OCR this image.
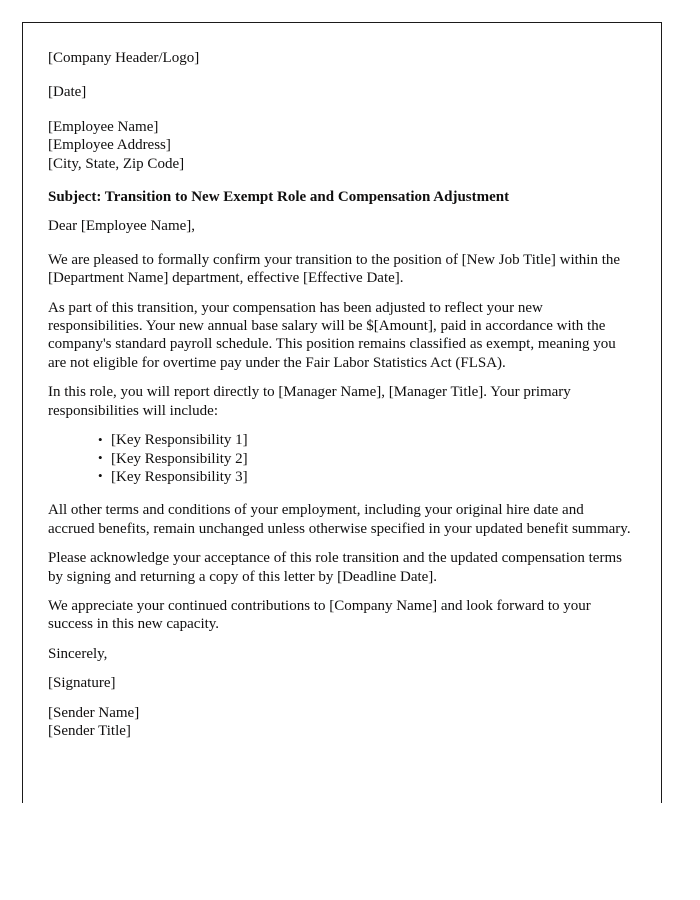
[Company Header/Logo]

[Date]

[Employee Name]

[Employee Address]

[City, State, Zip Code]

Subject: Transition to New Exempt Role and Compensation Adjustment

Dear [Employee Name],

We are pleased to formally confirm your transition to the position of [New Job Title] within the [Department Name] department, effective [Effective Date].

As part of this transition, your compensation has been adjusted to reflect your new responsibilities. Your new annual base salary will be $[Amount], paid in accordance with the company's standard payroll schedule. This position remains classified as exempt, meaning you are not eligible for overtime pay under the Fair Labor Statistics Act (FLSA).

In this role, you will report directly to [Manager Name], [Manager Title]. Your primary responsibilities will include:

• [Key Responsibility 1]
• [Key Responsibility 2]
• [Key Responsibility 3]

All other terms and conditions of your employment, including your original hire date and accrued benefits, remain unchanged unless otherwise specified in your updated benefit summary.

Please acknowledge your acceptance of this role transition and the updated compensation terms by signing and returning a copy of this letter by [Deadline Date].

We appreciate your continued contributions to [Company Name] and look forward to your success in this new capacity.

Sincerely,

[Signature]

[Sender Name]

[Sender Title]
